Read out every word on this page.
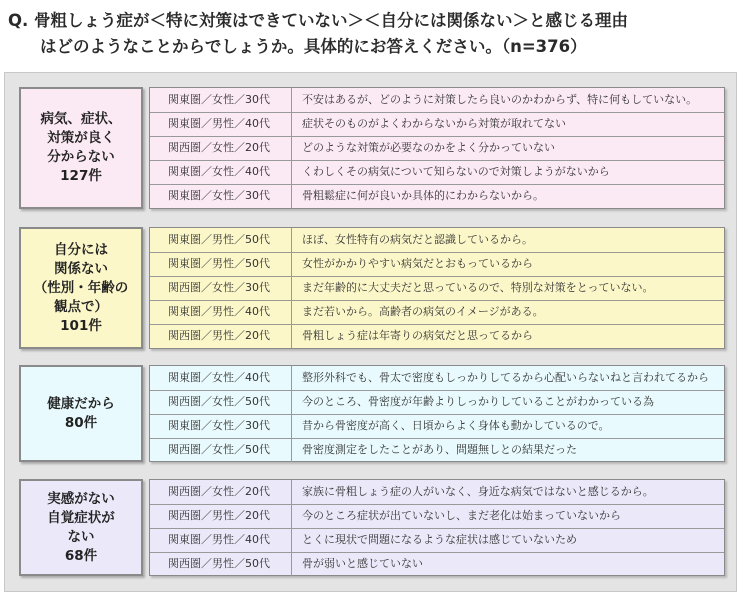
Q. 骨粗しょう症が＜特に対策はできていない＞＜自分には関係ない＞と感じる理由
はどのようなことからでしょうか。具体的にお答えください。（n=376）
病気、症状、
対策が良く
分からない
127件
関東圏／女性／30代	不安はあるが、どのように対策したら良いのかわからず、特に何もしていない。
関東圏／男性／40代	症状そのものがよくわからないから対策が取れてない
関西圏／女性／20代	どのような対策が必要なのかをよく分かっていない
関東圏／女性／40代	くわしくその病気について知らないので対策しようがないから
関東圏／女性／30代	骨粗鬆症に何が良いか具体的にわからないから。
自分には
関係ない
（性別・年齢の
観点で）
101件
関東圏／男性／50代	ほぼ、女性特有の病気だと認識しているから。
関東圏／男性／50代	女性がかかりやすい病気だとおもっているから
関西圏／女性／30代	まだ年齢的に大丈夫だと思っているので、特別な対策をとっていない。
関東圏／男性／40代	まだ若いから。高齢者の病気のイメージがある。
関西圏／男性／20代	骨粗しょう症は年寄りの病気だと思ってるから
健康だから
80件
関東圏／女性／40代	整形外科でも、骨太で密度もしっかりしてるから心配いらないねと言われてるから
関西圏／女性／50代	今のところ、骨密度が年齢よりしっかりしていることがわかっている為
関東圏／女性／30代	昔から骨密度が高く、日頃からよく身体も動かしているので。
関西圏／女性／50代	骨密度測定をしたことがあり、問題無しとの結果だった
実感がない
自覚症状が
ない
68件
関西圏／女性／20代	家族に骨粗しょう症の人がいなく、身近な病気ではないと感じるから。
関西圏／男性／20代	今のところ症状が出ていないし、まだ老化は始まっていないから
関東圏／男性／40代	とくに現状で問題になるような症状は感じていないため
関西圏／男性／50代	骨が弱いと感じていない
